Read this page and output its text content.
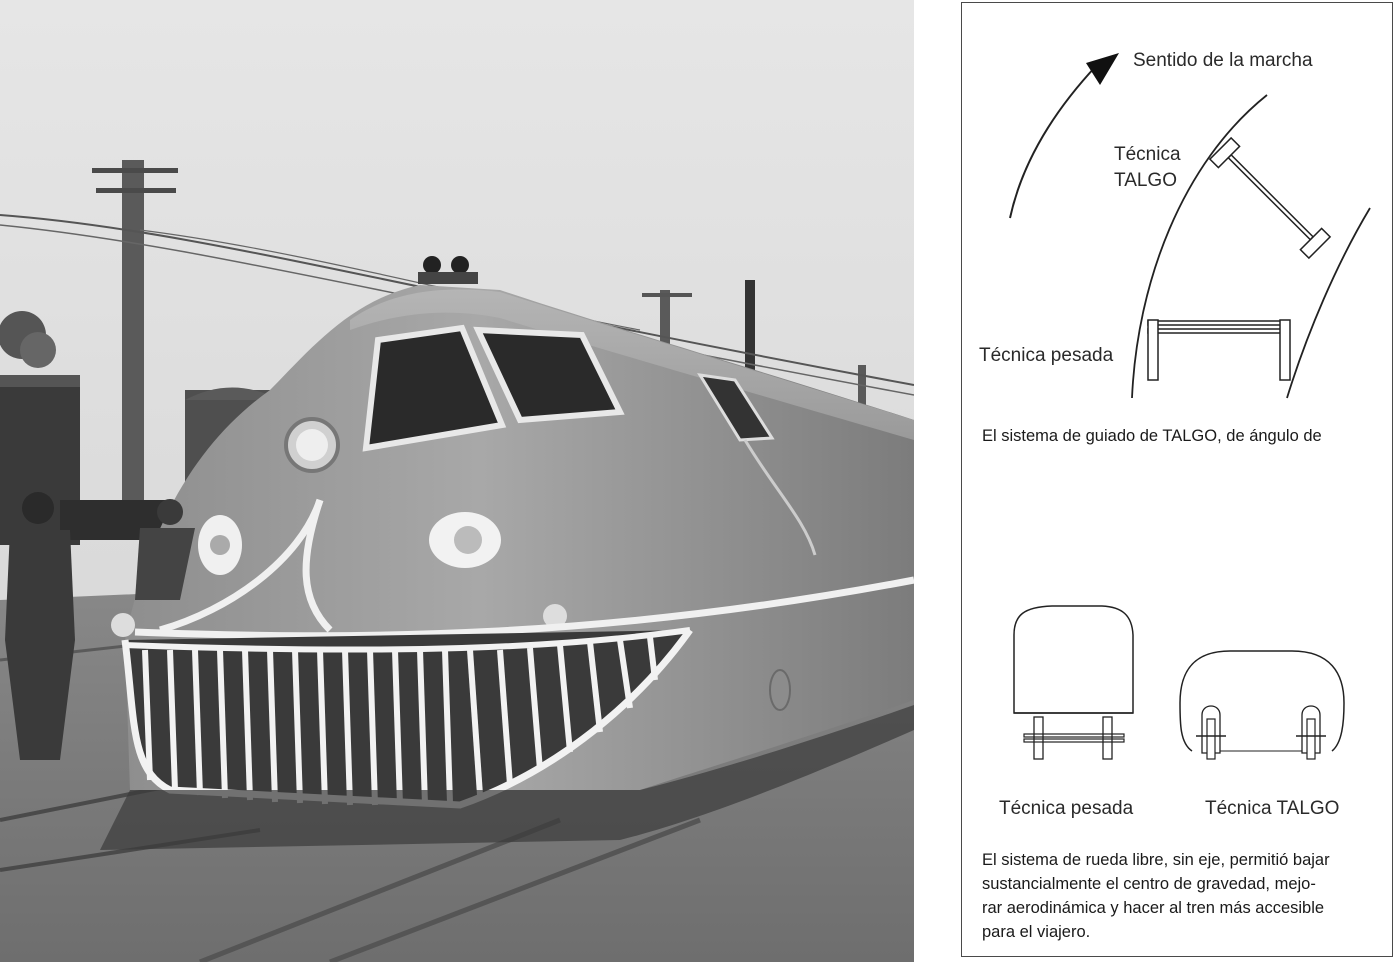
Sentido de la marcha
Técnica
TALGO
Técnica pesada
El sistema de guiado de TALGO, de ángulo de
Técnica pesada	Técnica TALGO
El sistema de rueda libre, sin eje, permitió bajar
sustancialmente el centro de gravedad, mejo-
rar aerodinámica y hacer al tren más accesible
para el viajero.
